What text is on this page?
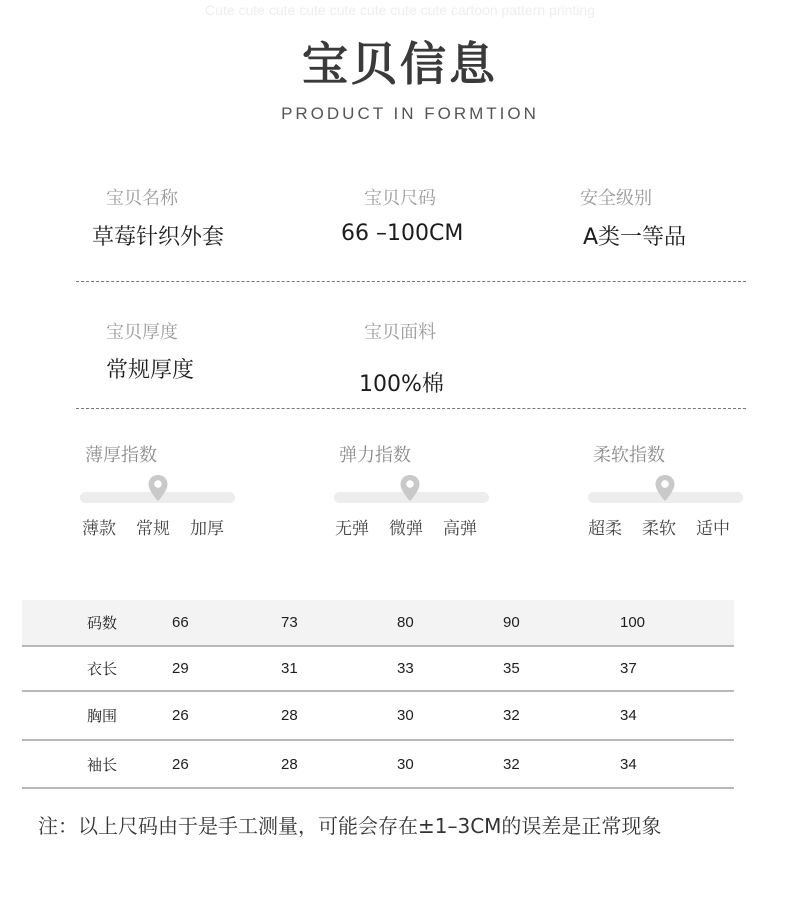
Cute cute cute cute cute cute cute cute cartoon pattern printing
宝贝信息
PRODUCT IN FORMTION
宝贝名称
草莓针织外套
宝贝尺码
66 –100CM
安全级别
A类一等品
宝贝厚度
常规厚度
宝贝面料
100%棉
薄厚指数
薄款 常规 加厚
弹力指数
无弹 微弹 高弹
柔软指数
超柔 柔软 适中
码数	66	73	80	90	100
衣长	29	31	33	35	37
胸围	26	28	30	32	34
袖长	26	28	30	32	34
注：以上尺码由于是手工测量，可能会存在±1–3CM的误差是正常现象
